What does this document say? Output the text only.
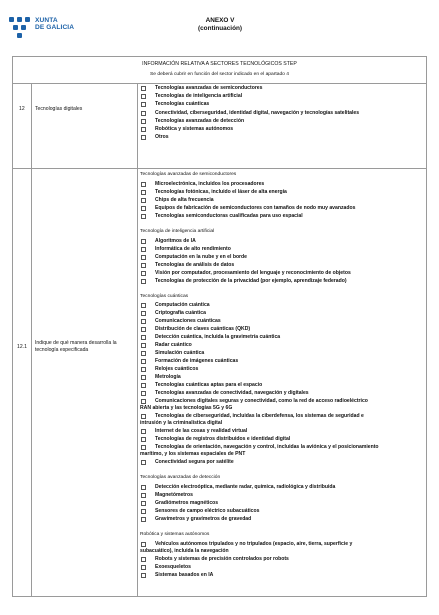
XUNTA
DE GALICIA
ANEXO V
(continuación)
INFORMACIÓN RELATIVA A SECTORES TECNOLÓGICOS STEP
Se deberá cubrir en función del sector indicado en el apartado 4
12 Tecnologías digitales
Tecnologías avanzadas de semiconductores
Tecnologías de inteligencia artificial
Tecnologías cuánticas
Conectividad, ciberseguridad, identidad digital, navegación y tecnologías satelitales
Tecnologías avanzadas de detección
Robótica y sistemas autónomos
Otros
12.1
Indique de qué manera desarrolla la
tecnología especificada
Tecnologías avanzadas de semiconductores
Microelectrónica, incluidos los procesadores
Tecnologías fotónicas, incluido el láser de alta energía
Chips de alta frecuencia
Equipos de fabricación de semiconductores con tamaños de nodo muy avanzados
Tecnologías semiconductoras cualificadas para uso espacial
Tecnología de inteligencia artificial
Algoritmos de IA
Informática de alto rendimiento
Computación en la nube y en el borde
Tecnologías de análisis de datos
Visión por computador, procesamiento del lenguaje y reconocimiento de objetos
Tecnologías de protección de la privacidad (por ejemplo, aprendizaje federado)
Tecnologías cuánticas
Computación cuántica
Criptografía cuántica
Comunicaciones cuánticas
Distribución de claves cuánticas (QKD)
Detección cuántica, incluida la gravimetría cuántica
Radar cuántico
Simulación cuántica
Formación de imágenes cuánticas
Relojes cuánticos
Metrología
Tecnologías cuánticas aptas para el espacio
Tecnologías avanzadas de conectividad, navegación y digitales
Comunicaciones digitales seguras y conectividad, como la red de acceso radioeléctrico
Tecnologías de ciberseguridad, incluidas la ciberdefensa, los sistemas de seguridad e
Internet de las cosas y realidad virtual
Tecnologías de registros distribuidos e identidad digital
Tecnologías de orientación, navegación y control, incluidas la aviónica y el posicionamiento
Conectividad segura por satélite
RAN abierta y las tecnologías 5G y 6G
intrusión y la criminalística digital
marítimo, y los sistemas espaciales de PNT
Tecnologías avanzadas de detección
Detección electroóptica, mediante radar, química, radiológica y distribuida
Magnetómetros
Gradiómetros magnéticos
Sensores de campo eléctrico subacuáticos
Gravímetros y gravímetros de gravedad
Robótica y sistemas autónomos
Vehículos autónomos tripulados y no tripulados (espacio, aire, tierra, superficie y
Robots y sistemas de precisión controlados por robots
Exoesqueletos
Sistemas basados en IA
subacuático), incluida la navegación
